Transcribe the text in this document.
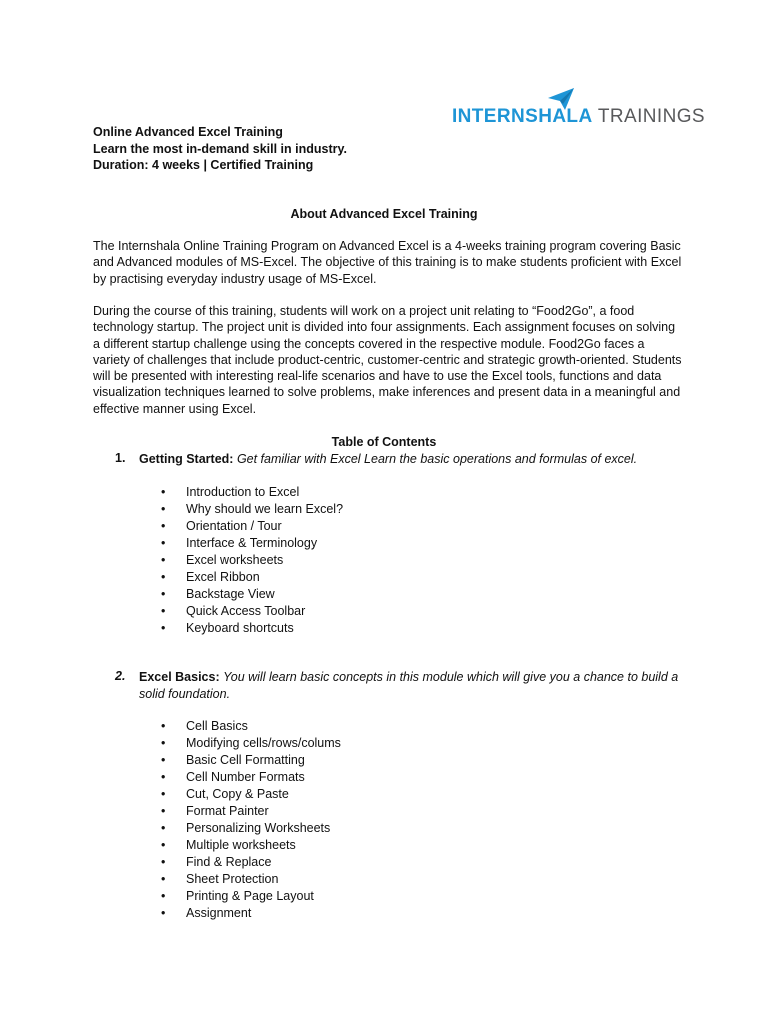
INTERNSHALA TRAININGS
Online Advanced Excel Training
Learn the most in-demand skill in industry.
Duration: 4 weeks | Certified Training
About Advanced Excel Training
The Internshala Online Training Program on Advanced Excel is a 4-weeks training program covering Basic and Advanced modules of MS-Excel. The objective of this training is to make students proficient with Excel by practising everyday industry usage of MS-Excel.
During the course of this training, students will work on a project unit relating to “Food2Go”, a food technology startup. The project unit is divided into four assignments. Each assignment focuses on solving a different startup challenge using the concepts covered in the respective module. Food2Go faces a variety of challenges that include product-centric, customer-centric and strategic growth-oriented. Students will be presented with interesting real-life scenarios and have to use the Excel tools, functions and data visualization techniques learned to solve problems, make inferences and present data in a meaningful and effective manner using Excel.
Table of Contents
1. Getting Started: Get familiar with Excel Learn the basic operations and formulas of excel.
• Introduction to Excel
• Why should we learn Excel?
• Orientation / Tour
• Interface & Terminology
• Excel worksheets
• Excel Ribbon
• Backstage View
• Quick Access Toolbar
• Keyboard shortcuts
2. Excel Basics: You will learn basic concepts in this module which will give you a chance to build a solid foundation.
• Cell Basics
• Modifying cells/rows/colums
• Basic Cell Formatting
• Cell Number Formats
• Cut, Copy & Paste
• Format Painter
• Personalizing Worksheets
• Multiple worksheets
• Find & Replace
• Sheet Protection
• Printing & Page Layout
• Assignment
